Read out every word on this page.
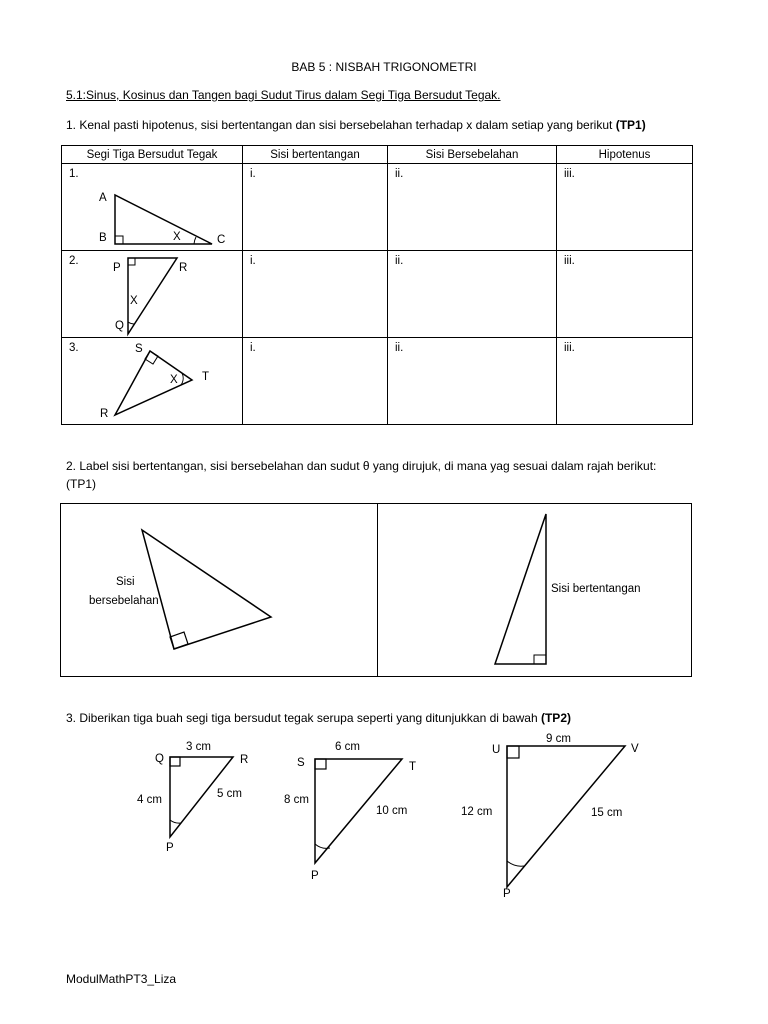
BAB 5 : NISBAH TRIGONOMETRI
5.1:Sinus, Kosinus dan Tangen bagi Sudut Tirus dalam Segi Tiga Bersudut Tegak.
1. Kenal pasti hipotenus, sisi bertentangan dan sisi bersebelahan terhadap x dalam setiap yang berikut (TP1)
Segi Tiga Bersudut Tegak	Sisi bertentangan	Sisi Bersebelahan	Hipotenus

1.
A
B C
X	i.	ii.	iii.

P R
Q
X
2.	i.	ii.	iii.

S
T
R
X
3.	i.	ii.	iii.
2. Label sisi bertentangan, sisi bersebelahan dan sudut θ yang dirujuk, di mana yag sesuai dalam rajah berikut:
(TP1)
Sisi
bersebelahan
Sisi bertentangan
3. Diberikan tiga buah segi tiga bersudut tegak serupa seperti yang ditunjukkan di bawah (TP2)
Q	R
P
3 cm
4 cm	5 cm
S	T
P
6 cm
8 cm
10 cm
U	V
P
9 cm
12 cm	15 cm
ModulMathPT3_Liza
